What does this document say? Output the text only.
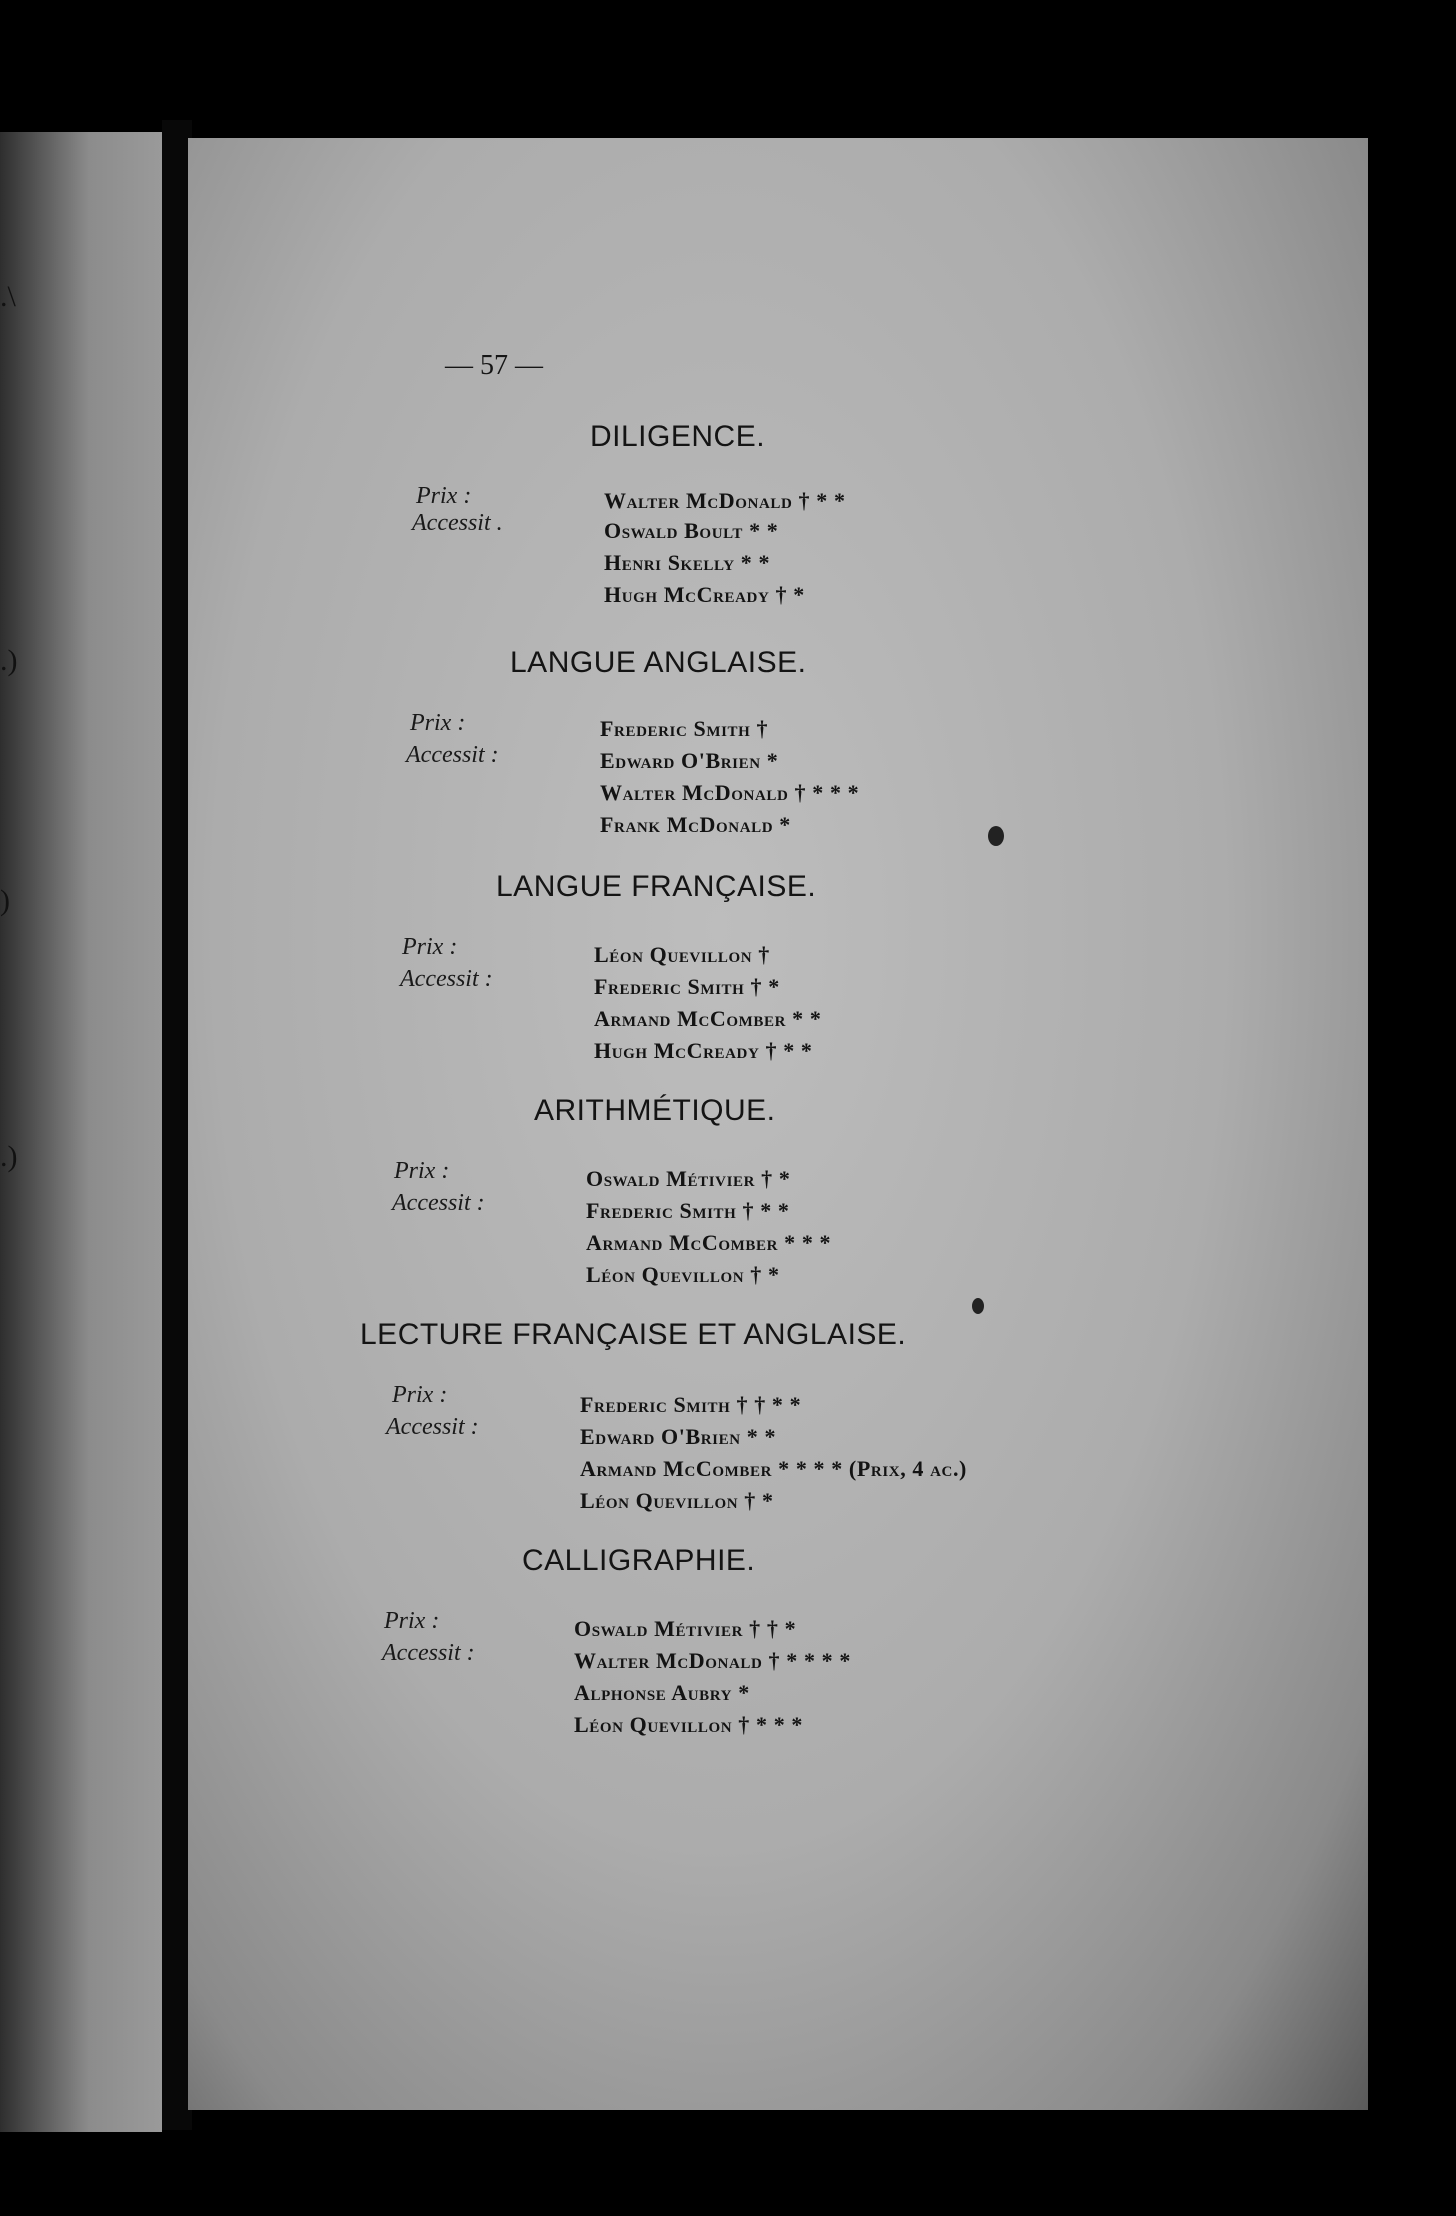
.\
.)
)
.)
— 57 —
DILIGENCE.
Prix :
Accessit .
Walter McDonald † * *
Oswald Boult * *
Henri Skelly * *
Hugh McCready † *
LANGUE ANGLAISE.
Prix :
Accessit :
Frederic Smith †
Edward O'Brien *
Walter McDonald † * * *
Frank McDonald *
LANGUE FRANÇAISE.
Prix :
Accessit :
Léon Quevillon †
Frederic Smith † *
Armand McComber * *
Hugh McCready † * *
ARITHMÉTIQUE.
Prix :
Accessit :
Oswald Métivier † *
Frederic Smith † * *
Armand McComber * * *
Léon Quevillon † *
LECTURE FRANÇAISE ET ANGLAISE.
Prix :
Accessit :
Frederic Smith † † * *
Edward O'Brien * *
Armand McComber * * * * (Prix, 4 ac.)
Léon Quevillon † *
CALLIGRAPHIE.
Prix :
Accessit :
Oswald Métivier † † *
Walter McDonald † * * * *
Alphonse Aubry *
Léon Quevillon † * * *
